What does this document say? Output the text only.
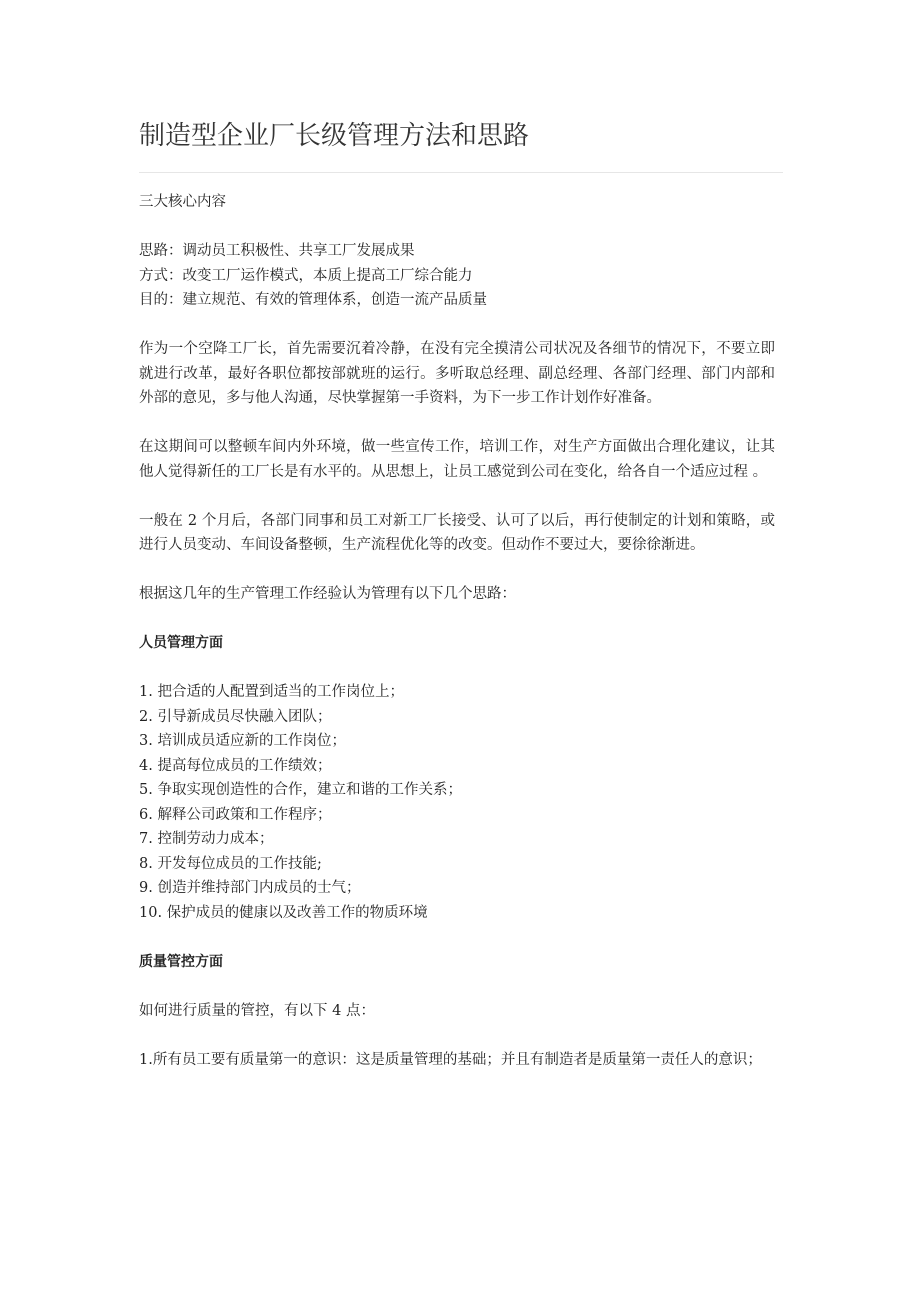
制造型企业厂长级管理方法和思路

三大核心内容

思路：调动员工积极性、共享工厂发展成果
方式：改变工厂运作模式，本质上提高工厂综合能力
目的：建立规范、有效的管理体系，创造一流产品质量

作为一个空降工厂长，首先需要沉着冷静，在没有完全摸清公司状况及各细节的情况下，不要立即就进行改革，最好各职位都按部就班的运行。多听取总经理、副总经理、各部门经理、部门内部和外部的意见，多与他人沟通，尽快掌握第一手资料，为下一步工作计划作好准备。

在这期间可以整顿车间内外环境，做一些宣传工作，培训工作，对生产方面做出合理化建议，让其他人觉得新任的工厂长是有水平的。从思想上，让员工感觉到公司在变化，给各自一个适应过程 。

一般在 2 个月后，各部门同事和员工对新工厂长接受、认可了以后，再行使制定的计划和策略，或进行人员变动、车间设备整顿，生产流程优化等的改变。但动作不要过大，要徐徐渐进。

根据这几年的生产管理工作经验认为管理有以下几个思路：

人员管理方面

1. 把合适的人配置到适当的工作岗位上；
2. 引导新成员尽快融入团队；
3. 培训成员适应新的工作岗位；
4. 提高每位成员的工作绩效；
5. 争取实现创造性的合作，建立和谐的工作关系；
6. 解释公司政策和工作程序；
7. 控制劳动力成本；
8. 开发每位成员的工作技能;
9. 创造并维持部门内成员的士气；
10. 保护成员的健康以及改善工作的物质环境

质量管控方面

如何进行质量的管控，有以下 4 点：

1.所有员工要有质量第一的意识：这是质量管理的基础；并且有制造者是质量第一责任人的意识；
